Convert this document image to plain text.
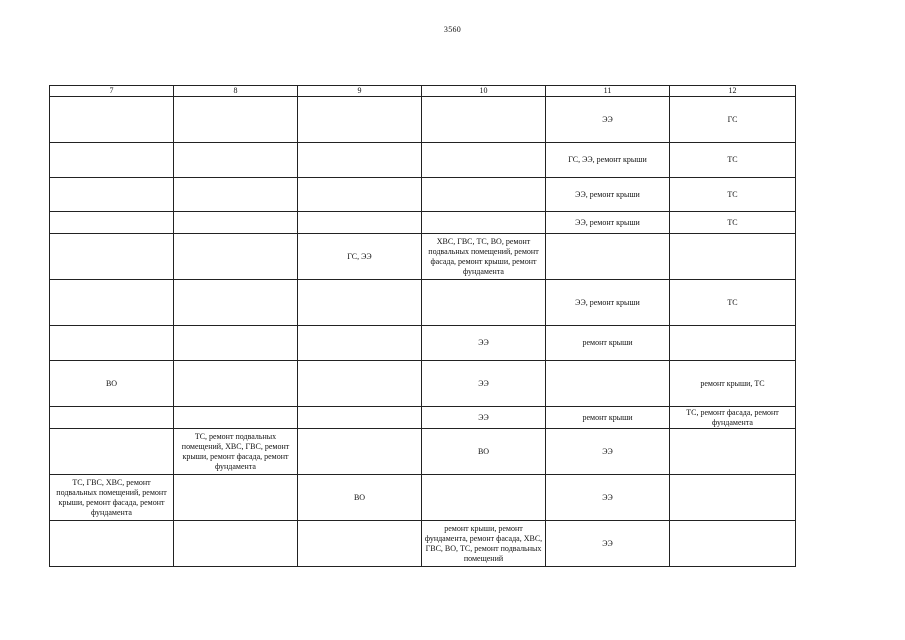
3560
7	8	9	10	11	12
				ЭЭ	ГС
				ГС, ЭЭ, ремонт крыши	ТС
				ЭЭ, ремонт крыши	ТС
				ЭЭ, ремонт крыши	ТС
		ГС, ЭЭ	ХВС, ГВС, ТС, ВО, ремонт подвальных помещений, ремонт фасада, ремонт крыши, ремонт фундамента		
				ЭЭ, ремонт крыши	ТС
			ЭЭ	ремонт крыши	
ВО			ЭЭ		ремонт крыши, ТС
			ЭЭ	ремонт крыши	ТС, ремонт фасада, ремонт фундамента
	ТС, ремонт подвальных помещений, ХВС, ГВС, ремонт крыши, ремонт фасада, ремонт фундамента		ВО	ЭЭ	
ТС, ГВС, ХВС, ремонт подвальных помещений, ремонт крыши, ремонт фасада, ремонт фундамента		ВО		ЭЭ	
			ремонт крыши, ремонт фундамента, ремонт фасада, ХВС, ГВС, ВО, ТС, ремонт подвальных помещений	ЭЭ	
